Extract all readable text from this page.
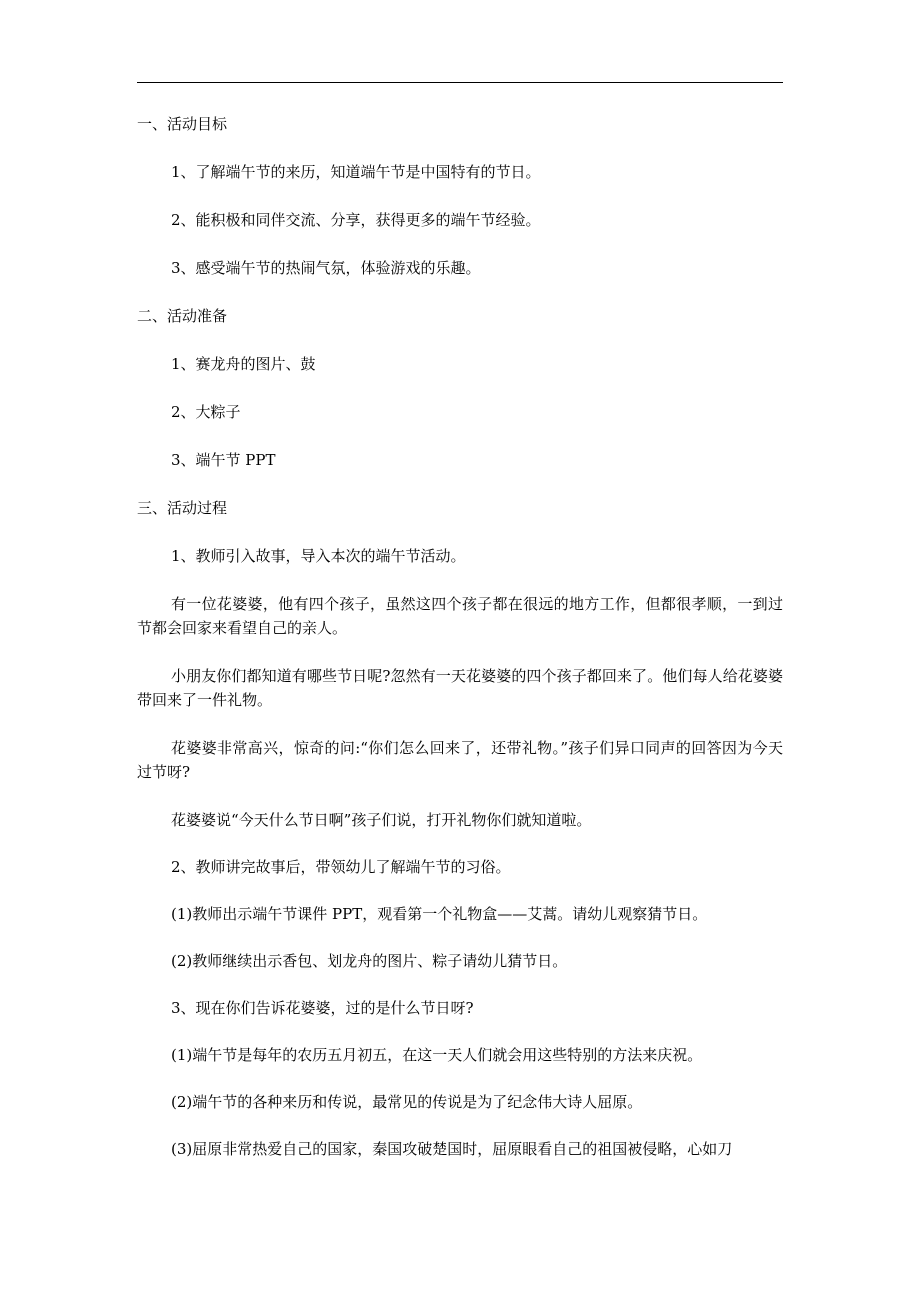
一、活动目标

1、了解端午节的来历，知道端午节是中国特有的节日。

2、能积极和同伴交流、分享，获得更多的端午节经验。

3、感受端午节的热闹气氛，体验游戏的乐趣。

二、活动准备

1、赛龙舟的图片、鼓

2、大粽子

3、端午节 PPT

三、活动过程

1、教师引入故事，导入本次的端午节活动。

有一位花婆婆，他有四个孩子，虽然这四个孩子都在很远的地方工作，但都很孝顺，一到过节都会回家来看望自己的亲人。

小朋友你们都知道有哪些节日呢?忽然有一天花婆婆的四个孩子都回来了。他们每人给花婆婆带回来了一件礼物。

花婆婆非常高兴，惊奇的问:“你们怎么回来了，还带礼物。”孩子们异口同声的回答因为今天过节呀?

花婆婆说“今天什么节日啊”孩子们说，打开礼物你们就知道啦。

2、教师讲完故事后，带领幼儿了解端午节的习俗。

(1)教师出示端午节课件 PPT，观看第一个礼物盒——艾蒿。请幼儿观察猜节日。

(2)教师继续出示香包、划龙舟的图片、粽子请幼儿猜节日。

3、现在你们告诉花婆婆，过的是什么节日呀?

(1)端午节是每年的农历五月初五，在这一天人们就会用这些特别的方法来庆祝。

(2)端午节的各种来历和传说，最常见的传说是为了纪念伟大诗人屈原。

(3)屈原非常热爱自己的国家，秦国攻破楚国时，屈原眼看自己的祖国被侵略，心如刀
